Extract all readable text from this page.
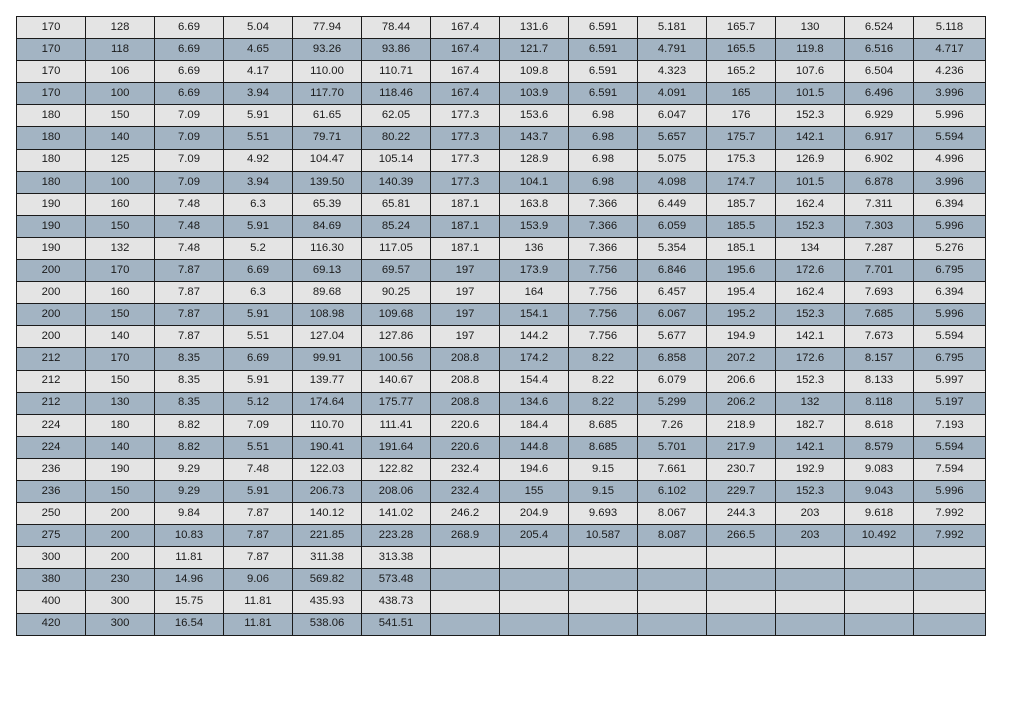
170	128	6.69	5.04	77.94	78.44	167.4	131.6	6.591	5.181	165.7	130	6.524	5.118
170	118	6.69	4.65	93.26	93.86	167.4	121.7	6.591	4.791	165.5	119.8	6.516	4.717
170	106	6.69	4.17	110.00	110.71	167.4	109.8	6.591	4.323	165.2	107.6	6.504	4.236
170	100	6.69	3.94	117.70	118.46	167.4	103.9	6.591	4.091	165	101.5	6.496	3.996
180	150	7.09	5.91	61.65	62.05	177.3	153.6	6.98	6.047	176	152.3	6.929	5.996
180	140	7.09	5.51	79.71	80.22	177.3	143.7	6.98	5.657	175.7	142.1	6.917	5.594
180	125	7.09	4.92	104.47	105.14	177.3	128.9	6.98	5.075	175.3	126.9	6.902	4.996
180	100	7.09	3.94	139.50	140.39	177.3	104.1	6.98	4.098	174.7	101.5	6.878	3.996
190	160	7.48	6.3	65.39	65.81	187.1	163.8	7.366	6.449	185.7	162.4	7.311	6.394
190	150	7.48	5.91	84.69	85.24	187.1	153.9	7.366	6.059	185.5	152.3	7.303	5.996
190	132	7.48	5.2	116.30	117.05	187.1	136	7.366	5.354	185.1	134	7.287	5.276
200	170	7.87	6.69	69.13	69.57	197	173.9	7.756	6.846	195.6	172.6	7.701	6.795
200	160	7.87	6.3	89.68	90.25	197	164	7.756	6.457	195.4	162.4	7.693	6.394
200	150	7.87	5.91	108.98	109.68	197	154.1	7.756	6.067	195.2	152.3	7.685	5.996
200	140	7.87	5.51	127.04	127.86	197	144.2	7.756	5.677	194.9	142.1	7.673	5.594
212	170	8.35	6.69	99.91	100.56	208.8	174.2	8.22	6.858	207.2	172.6	8.157	6.795
212	150	8.35	5.91	139.77	140.67	208.8	154.4	8.22	6.079	206.6	152.3	8.133	5.997
212	130	8.35	5.12	174.64	175.77	208.8	134.6	8.22	5.299	206.2	132	8.118	5.197
224	180	8.82	7.09	110.70	111.41	220.6	184.4	8.685	7.26	218.9	182.7	8.618	7.193
224	140	8.82	5.51	190.41	191.64	220.6	144.8	8.685	5.701	217.9	142.1	8.579	5.594
236	190	9.29	7.48	122.03	122.82	232.4	194.6	9.15	7.661	230.7	192.9	9.083	7.594
236	150	9.29	5.91	206.73	208.06	232.4	155	9.15	6.102	229.7	152.3	9.043	5.996
250	200	9.84	7.87	140.12	141.02	246.2	204.9	9.693	8.067	244.3	203	9.618	7.992
275	200	10.83	7.87	221.85	223.28	268.9	205.4	10.587	8.087	266.5	203	10.492	7.992
300	200	11.81	7.87	311.38	313.38								
380	230	14.96	9.06	569.82	573.48								
400	300	15.75	11.81	435.93	438.73								
420	300	16.54	11.81	538.06	541.51								
